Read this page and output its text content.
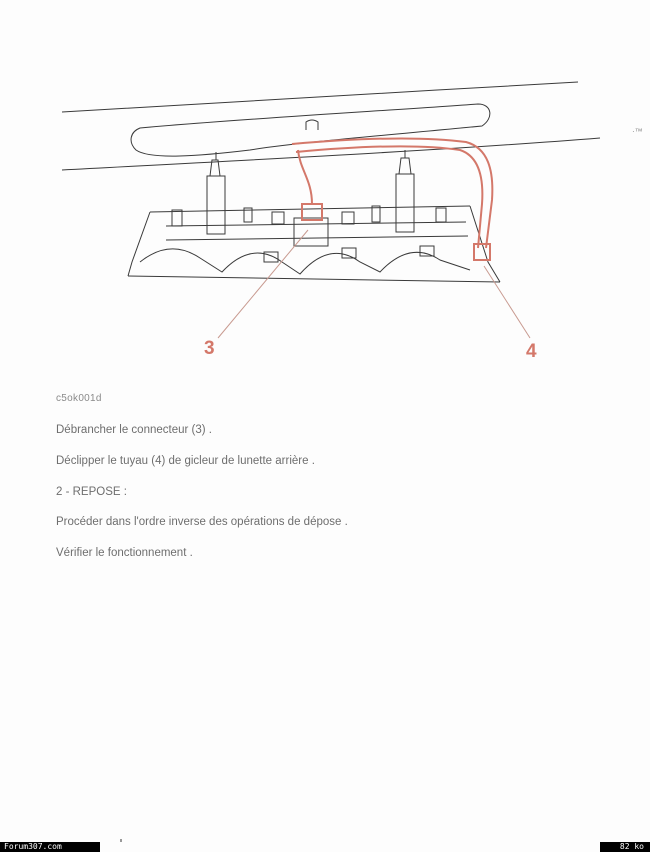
3	4
·™
c5ok001d
Débrancher le connecteur (3) .
Déclipper le tuyau (4) de gicleur de lunette arrière .
2 - REPOSE :
Procéder dans l'ordre inverse des opérations de dépose .
Vérifier le fonctionnement .
Forum307.com	82 ko
